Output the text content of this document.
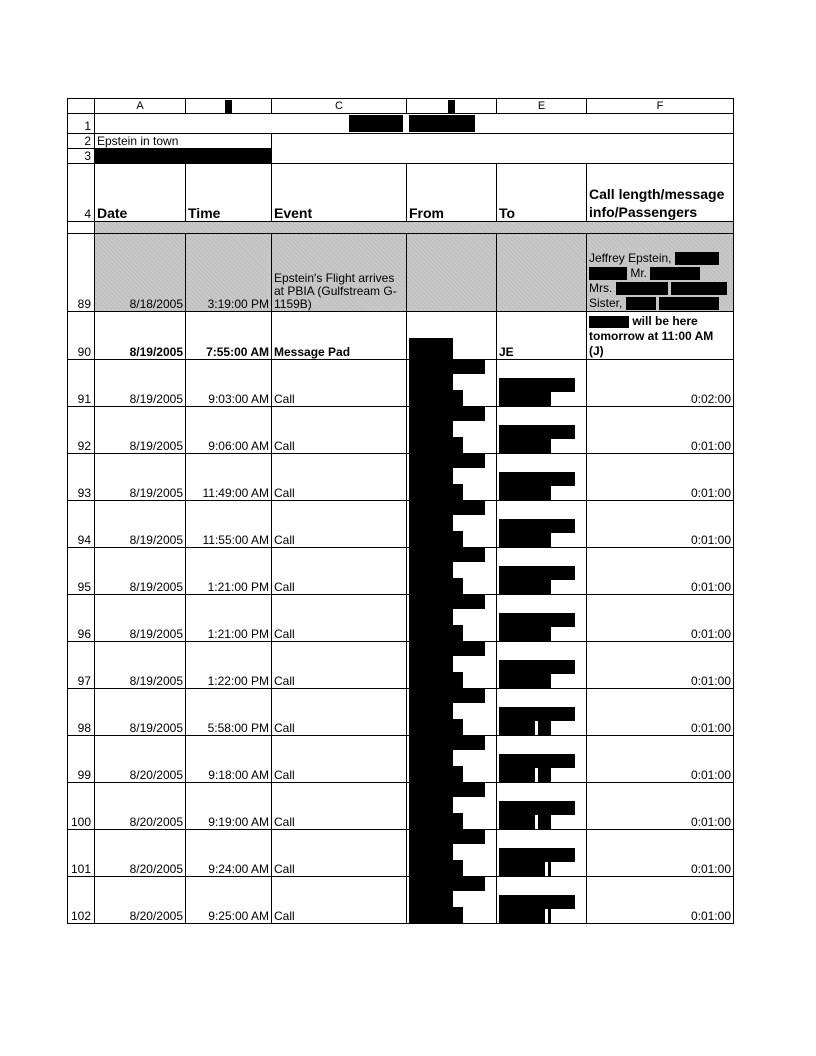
	A		C		E	F
1						

2	Epstein in town					
3						
4	Date	Time	Event	From	To	Call length/message info/Passengers

89	8/18/2005	3:19:00 PM	Epstein's Flight arrives at PBIA (Gulfstream G-1159B)			Jeffrey Epstein,
Mr.
Mrs.
Sister,

90	8/19/2005	7:55:00 AM	Message Pad		JE	will be here
tomorrow at 11:00 AM
(J)

91	8/19/2005	9:03:00 AM	Call			0:02:00
92	8/19/2005	9:06:00 AM	Call			0:01:00
93	8/19/2005	11:49:00 AM	Call			0:01:00
94	8/19/2005	11:55:00 AM	Call			0:01:00
95	8/19/2005	1:21:00 PM	Call			0:01:00
96	8/19/2005	1:21:00 PM	Call			0:01:00
97	8/19/2005	1:22:00 PM	Call			0:01:00
98	8/19/2005	5:58:00 PM	Call			0:01:00
99	8/20/2005	9:18:00 AM	Call			0:01:00
100	8/20/2005	9:19:00 AM	Call			0:01:00
101	8/20/2005	9:24:00 AM	Call			0:01:00
102	8/20/2005	9:25:00 AM	Call			0:01:00
